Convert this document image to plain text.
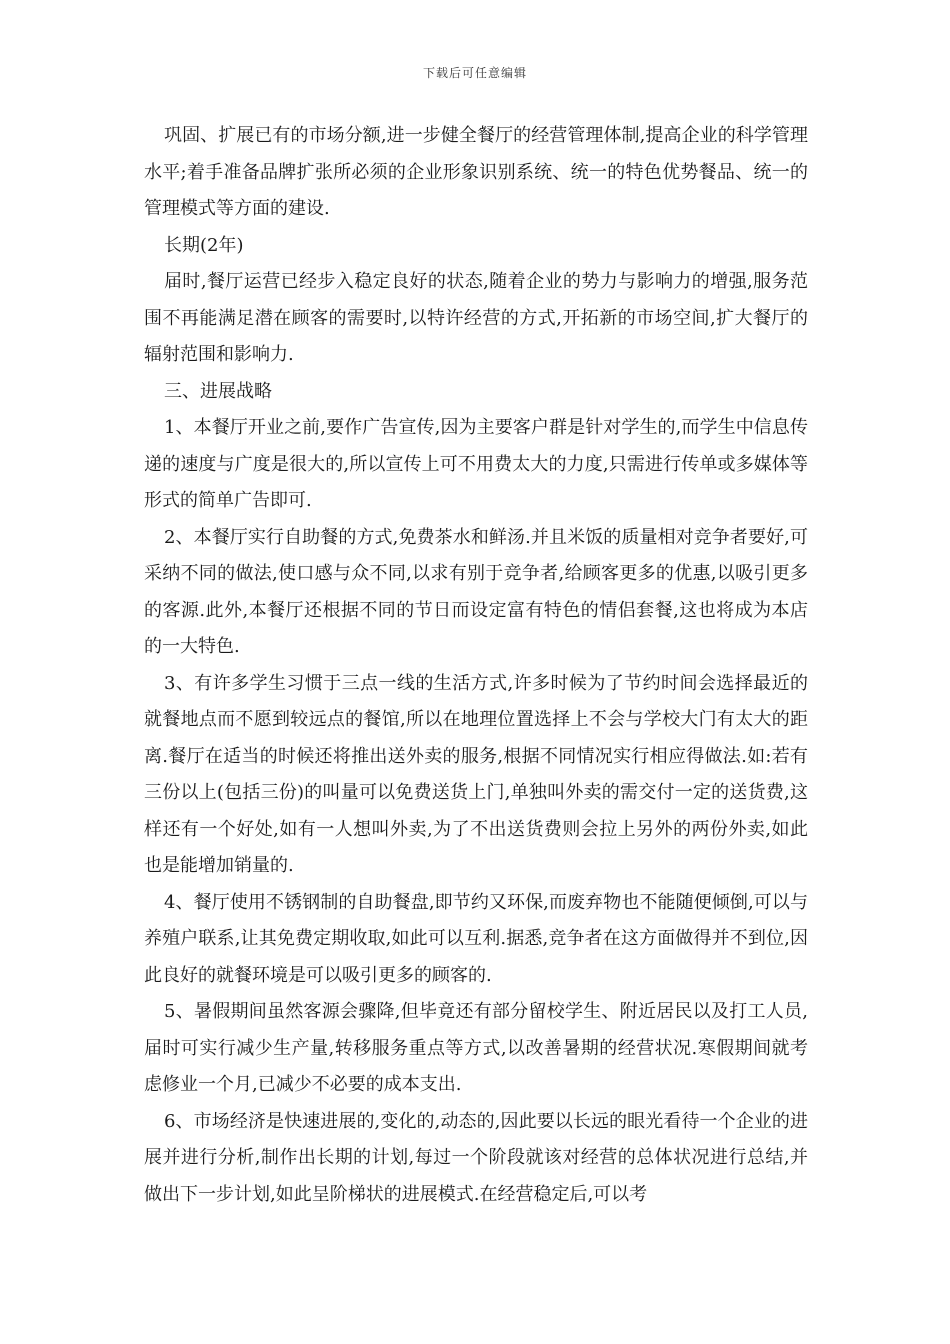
下载后可任意编辑

巩固、扩展已有的市场分额,进一步健全餐厅的经营管理体制,提高企业的科学管理水平;着手准备品牌扩张所必须的企业形象识别系统、统一的特色优势餐品、统一的管理模式等方面的建设.

长期(2年)

届时,餐厅运营已经步入稳定良好的状态,随着企业的势力与影响力的增强,服务范围不再能满足潜在顾客的需要时,以特许经营的方式,开拓新的市场空间,扩大餐厅的辐射范围和影响力.

三、进展战略

1、本餐厅开业之前,要作广告宣传,因为主要客户群是针对学生的,而学生中信息传递的速度与广度是很大的,所以宣传上可不用费太大的力度,只需进行传单或多媒体等形式的简单广告即可.

2、本餐厅实行自助餐的方式,免费茶水和鲜汤.并且米饭的质量相对竞争者要好,可采纳不同的做法,使口感与众不同,以求有别于竞争者,给顾客更多的优惠,以吸引更多的客源.此外,本餐厅还根据不同的节日而设定富有特色的情侣套餐,这也将成为本店的一大特色.

3、有许多学生习惯于三点一线的生活方式,许多时候为了节约时间会选择最近的就餐地点而不愿到较远点的餐馆,所以在地理位置选择上不会与学校大门有太大的距离.餐厅在适当的时候还将推出送外卖的服务,根据不同情况实行相应得做法.如:若有三份以上(包括三份)的叫量可以免费送货上门,单独叫外卖的需交付一定的送货费,这样还有一个好处,如有一人想叫外卖,为了不出送货费则会拉上另外的两份外卖,如此也是能增加销量的.

4、餐厅使用不锈钢制的自助餐盘,即节约又环保,而废弃物也不能随便倾倒,可以与养殖户联系,让其免费定期收取,如此可以互利.据悉,竞争者在这方面做得并不到位,因此良好的就餐环境是可以吸引更多的顾客的.

5、暑假期间虽然客源会骤降,但毕竟还有部分留校学生、附近居民以及打工人员,届时可实行减少生产量,转移服务重点等方式,以改善暑期的经营状况.寒假期间就考虑修业一个月,已减少不必要的成本支出.

6、市场经济是快速进展的,变化的,动态的,因此要以长远的眼光看待一个企业的进展并进行分析,制作出长期的计划,每过一个阶段就该对经营的总体状况进行总结,并做出下一步计划,如此呈阶梯状的进展模式.在经营稳定后,可以考
